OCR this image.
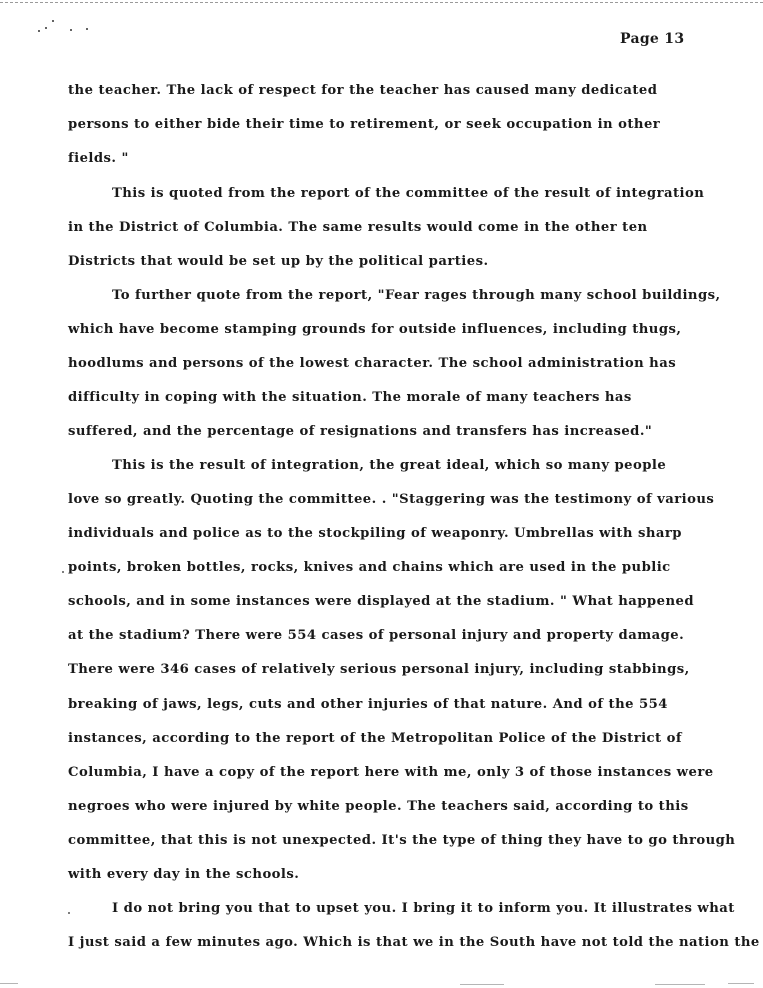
Page 13
the teacher. The lack of respect for the teacher has caused many dedicated
persons to either bide their time to retirement, or seek occupation in other
fields. "
This is quoted from the report of the committee of the result of integration
in the District of Columbia. The same results would come in the other ten
Districts that would be set up by the political parties.
To further quote from the report, "Fear rages through many school buildings,
which have become stamping grounds for outside influences, including thugs,
hoodlums and persons of the lowest character. The school administration has
difficulty in coping with the situation. The morale of many teachers has
suffered, and the percentage of resignations and transfers has increased."
This is the result of integration, the great ideal, which so many people
love so greatly. Quoting the committee. . "Staggering was the testimony of various
individuals and police as to the stockpiling of weaponry. Umbrellas with sharp
points, broken bottles, rocks, knives and chains which are used in the public
schools, and in some instances were displayed at the stadium. " What happened
at the stadium? There were 554 cases of personal injury and property damage.
There were 346 cases of relatively serious personal injury, including stabbings,
breaking of jaws, legs, cuts and other injuries of that nature. And of the 554
instances, according to the report of the Metropolitan Police of the District of
Columbia, I have a copy of the report here with me, only 3 of those instances were
negroes who were injured by white people. The teachers said, according to this
committee, that this is not unexpected. It's the type of thing they have to go through
with every day in the schools.
I do not bring you that to upset you. I bring it to inform you. It illustrates what
I just said a few minutes ago. Which is that we in the South have not told the nation the
